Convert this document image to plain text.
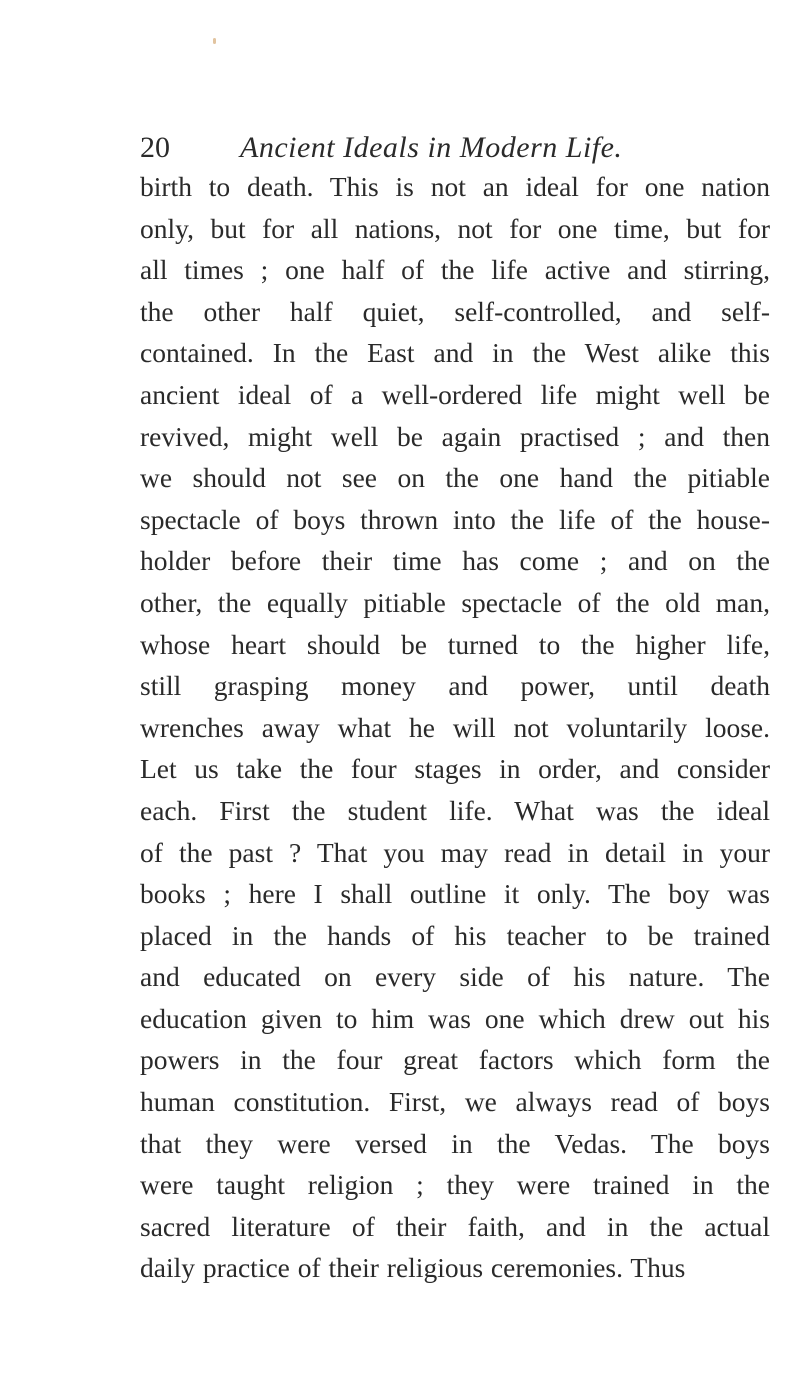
20 Ancient Ideals in Modern Life.
birth to death. This is not an ideal for one nation
only, but for all nations, not for one time, but for
all times ; one half of the life active and stirring,
the other half quiet, self-controlled, and self-
contained. In the East and in the West alike this
ancient ideal of a well-ordered life might well be
revived, might well be again practised ; and then
we should not see on the one hand the pitiable
spectacle of boys thrown into the life of the house-
holder before their time has come ; and on the
other, the equally pitiable spectacle of the old man,
whose heart should be turned to the higher life,
still grasping money and power, until death
wrenches away what he will not voluntarily loose.
Let us take the four stages in order, and consider
each. First the student life. What was the ideal
of the past ? That you may read in detail in your
books ; here I shall outline it only. The boy was
placed in the hands of his teacher to be trained
and educated on every side of his nature. The
education given to him was one which drew out his
powers in the four great factors which form the
human constitution. First, we always read of boys
that they were versed in the Vedas. The boys
were taught religion ; they were trained in the
sacred literature of their faith, and in the actual
daily practice of their religious ceremonies. Thus
